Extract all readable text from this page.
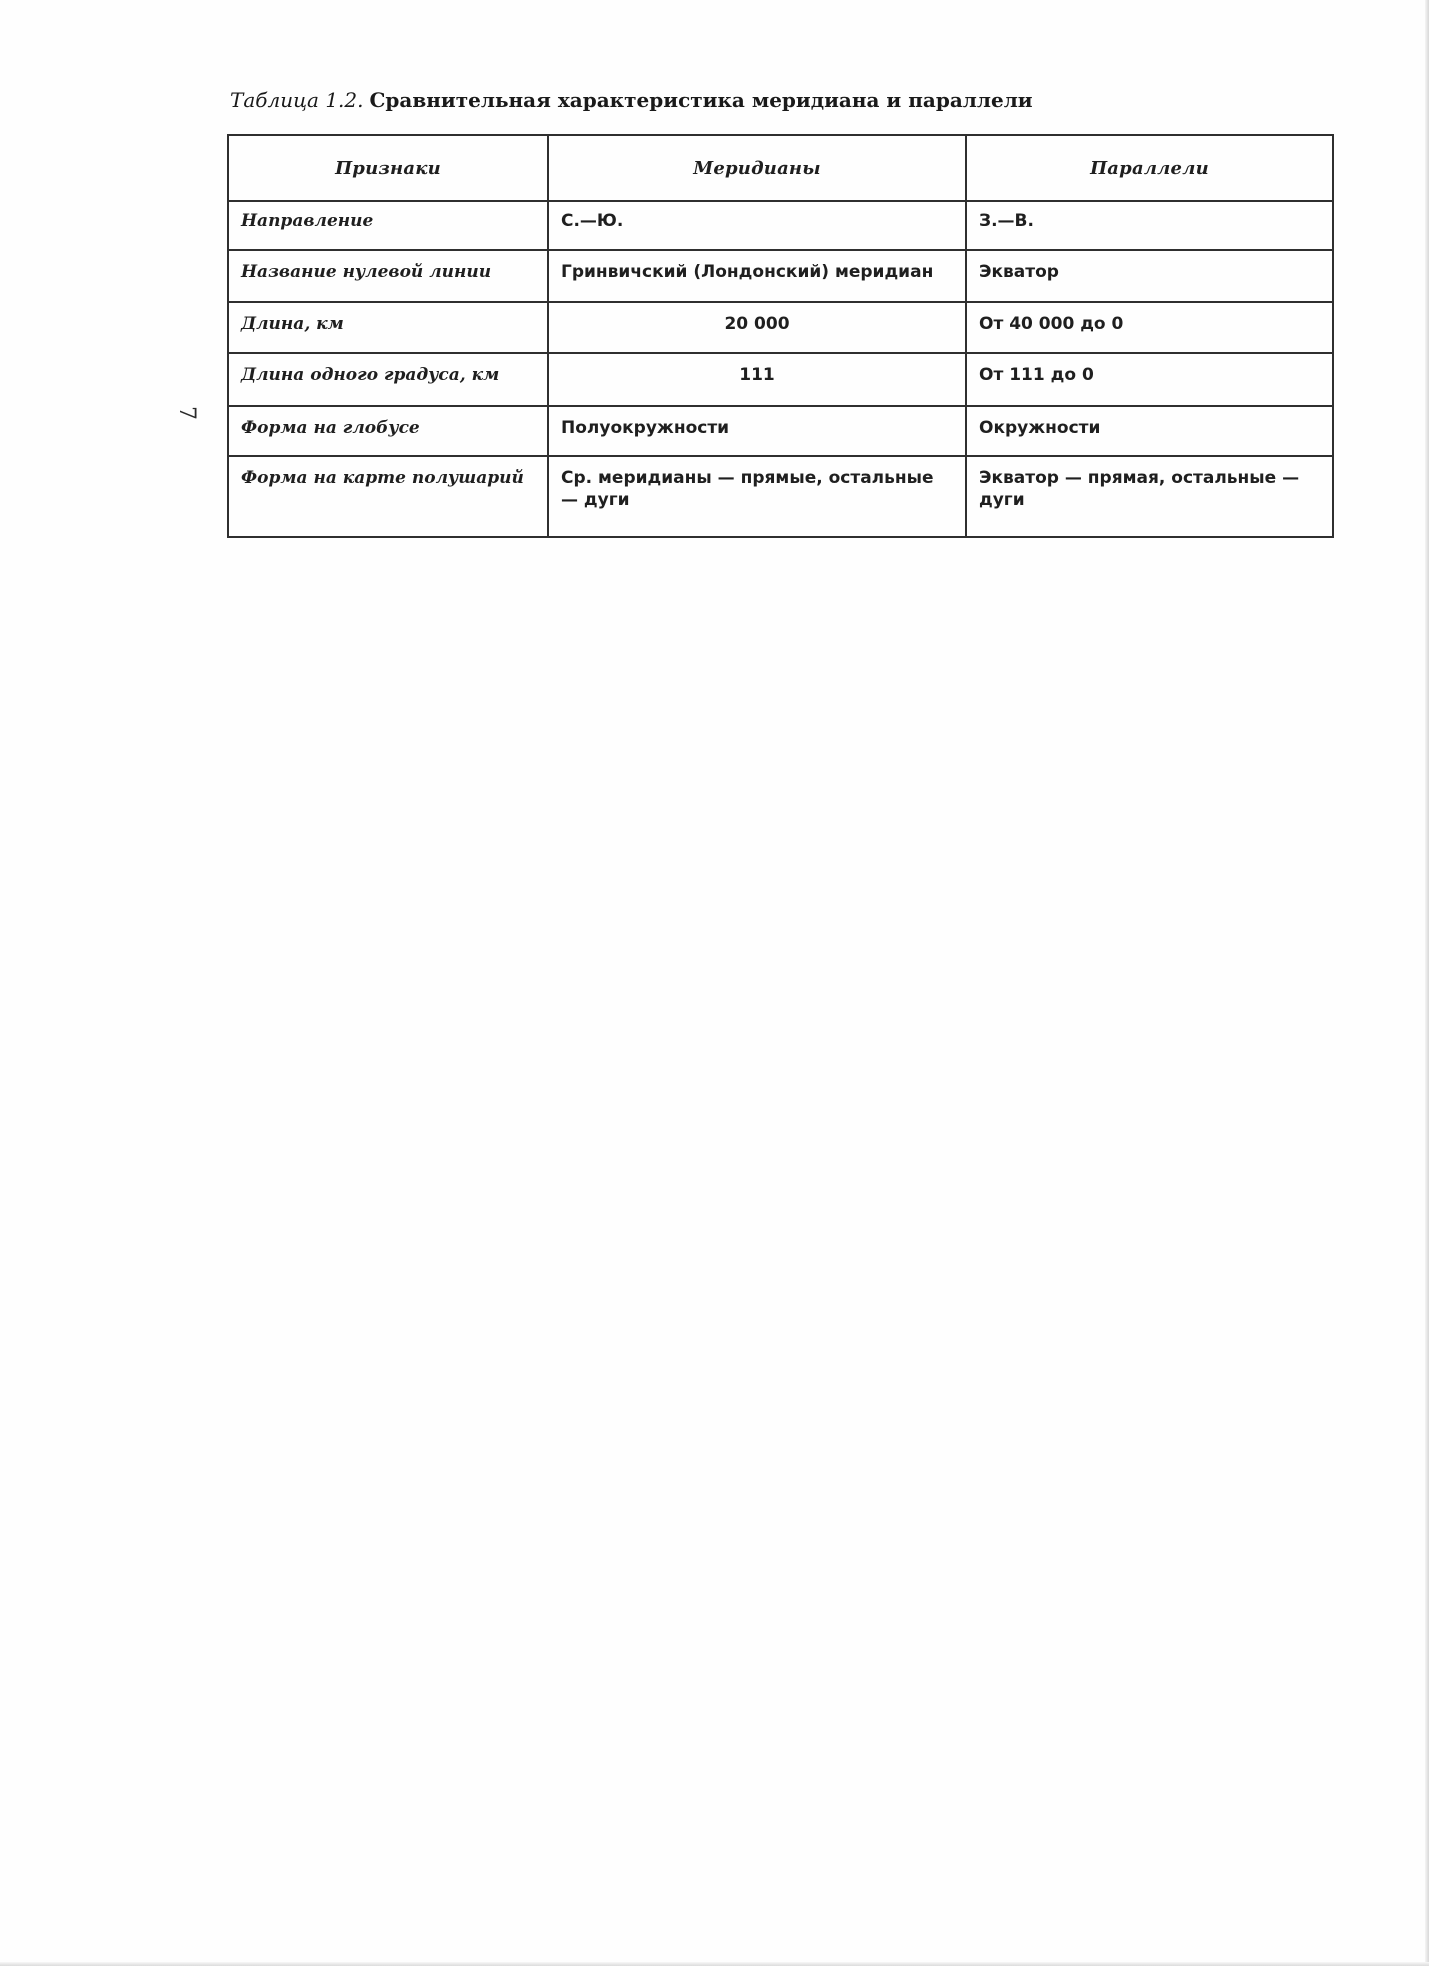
Таблица 1.2. Сравнительная характеристика меридиана и параллели
Признаки	Меридианы	Параллели
Направление	С.—Ю.	З.—В.
Название нулевой линии	Гринвичский (Лондонский) меридиан	Экватор
Длина, км	20 000	От 40 000 до 0
Длина одного градуса, км	111	От 111 до 0
Форма на глобусе	Полуокружности	Окружности
Форма на карте полушарий	Ср. меридианы — прямые, остальные — дуги	Экватор — прямая, остальные — дуги
7
